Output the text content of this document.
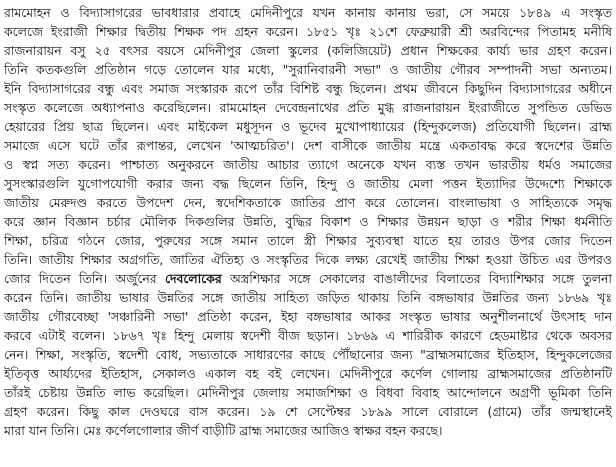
রামমোহন ও বিদ্যাসাগরের ভাবধারার প্রবাহে মেদিনীপুরে যখন কানায় কানায় ভরা, সে সময়ে ১৮৪৯ এ সংস্কৃত
কলেজে ইংরাজী শিক্ষার দ্বিতীয় শিক্ষক পদ গ্রহন করেন। ১৮৫১ খৃঃ ২১শে ফেব্রুয়ারী শ্রী অরবিন্দের পিতামহ মনীষি
রাজনারায়ন বসু ২৫ বৎসর বয়সে মেদিনীপুর জেলা স্কুলের (কলিজিয়েট) প্রধান শিক্ষকের কার্য্য ভার গ্রহণ করেন।
তিনি কতকগুলি প্রতিষ্ঠান গড়ে তোলেন যার মধ্যে, "সুরানিবারনী সভা" ও জাতীয় গৌরব সম্পাদনী সভা অন্যতম।
ইনি বিদ্যাসাগরের বন্ধু এবং সমাজ সংস্কারক রূপে তাঁর বিশিষ্ট বন্ধু ছিলেন। প্রথম জীবনে কিছুদিন বিদ্যাসাগরের অধীনে
সংস্কৃত কলেজে অধ্যাপনাও করেছিলেন। রামমোহন দেবেন্দ্রনাথের প্রতি মুগ্ধ রাজনারায়ন ইংরাজীতে সুপন্ডিত ডেভিড
হেয়ারের প্রিয় ছাত্র ছিলেন। এবং মাইকেল মধুসূদন ও ভূদেব মুখোপাধ্যায়ের (হিন্দুকলেজ) প্রতিযোগী ছিলেন। ব্রাহ্ম
সমাজে এসে ঘটে তাঁর রূপান্তর, লেখেন 'আত্মচরিত'। দেশ বাসীকে জাতীয় মন্ত্রে একতাবদ্ধ করে স্বদেশের উন্নতি
ও স্বপ্ন সত্য করেন। পাশ্চাত্য অনুকরনে জাতীয় আচার ত্যাগে অনেকে যখন ব্যস্ত তখন ভারতীয় ধর্মও সমাজের
সুসংস্কারগুলি যুগোপযোগী করার জন্য বদ্ধ ছিলেন তিনি, হিন্দু ও জাতীয় মেলা পত্তন ইত্যাদির উদ্দেশ্যে শিক্ষাকে
জাতীয় মেরুদণ্ড করতে উপদেশ দেন, স্বদেশিকতাকে জাতির প্রাণ করে তোলেন। বাংলাভাষা ও সাহিত্যকে সমৃদ্ধ
করে জ্ঞান বিজ্ঞান চর্চার মৌলিক দিকগুলির উন্নতি, বুদ্ধির বিকাশ ও শিক্ষার উন্নয়ন ছাড়া ও শরীর শিক্ষা ধর্মনীতি
শিক্ষা, চরিত্র গঠনে জোর, পুরুষের সঙ্গে সমান তালে স্ত্রী শিক্ষার সুব্যবস্থা যাতে হয় তারও উপর জোর দিতেন
তিনি। জাতীয় শিক্ষার অগ্রগতি, জাতির ঐতিহ্য ও সংস্কৃতির দিকে লক্ষ্য রেখেই জাতীয় শিক্ষা হওয়া উচিত এর উপরও
জোর দিতেন তিনি। অর্জুনের দেবলোকের অস্ত্রশিক্ষার সঙ্গে সেকালের বাঙালীদের বিলাতের বিদ্যাশিক্ষার সঙ্গে তুলনা
করেন তিনি। জাতীয় ভাষার উন্নতির সঙ্গে জাতীয় সাহিত্য জড়িত থাকায় তিনি বঙ্গভাষার উন্নতির জন্য ১৮৬৯ খৃঃ
জাতীয় গৌরবেচ্ছা 'সঞ্চারিনী সভা' প্রতিষ্ঠা করেন, ইহা বঙ্গভাষার আকর সংস্কৃত ভাষার অনুশীলনার্থে উৎসাহ দান
করবে এটাই বলেন। ১৮৬৭ খৃঃ হিন্দু মেলায় স্বদেশী বীজ ছড়ান। ১৮৬৯ এ শারিরীক কারণে হেডমাষ্টার থেকে অবসর
নেন। শিক্ষা, সংস্কৃতি, স্বদেশী বোধ, সভ্যতাকে সাধারণের কাছে পৌঁছানোর জন্য "ব্রাহ্মসমাজের ইতিহাস, হিন্দুকলেজের
ইতিবৃত্ত আর্য্যদের ইতিহাস, সেকালও একাল বহ বই লেখেন। মেদিনীপুরে কর্ণেল গোলায় ব্রাহ্মসমাজের প্রতিষ্ঠানটি
তাঁরই চেষ্টায় উন্নতি লাভ করেছিল। মেদিনীপুর জেলায় সমাজশিক্ষা ও বিধবা বিবাহ আন্দোলনে অগ্রণী ভূমিকা তিনি
গ্রহণ করেন। কিছু কাল দেওঘরে বাস করেন। ১৯ শে সেপ্টেম্বর ১৮৯৯ সালে বোরালে (গ্রামে) তাঁর জন্মস্থানেই
মারা যান তিনি। মেঃ কর্ণেলগোলার জীর্ণ বাড়ীটি ব্রাহ্ম সমাজের আজিও স্বাক্ষর বহন করছে।
